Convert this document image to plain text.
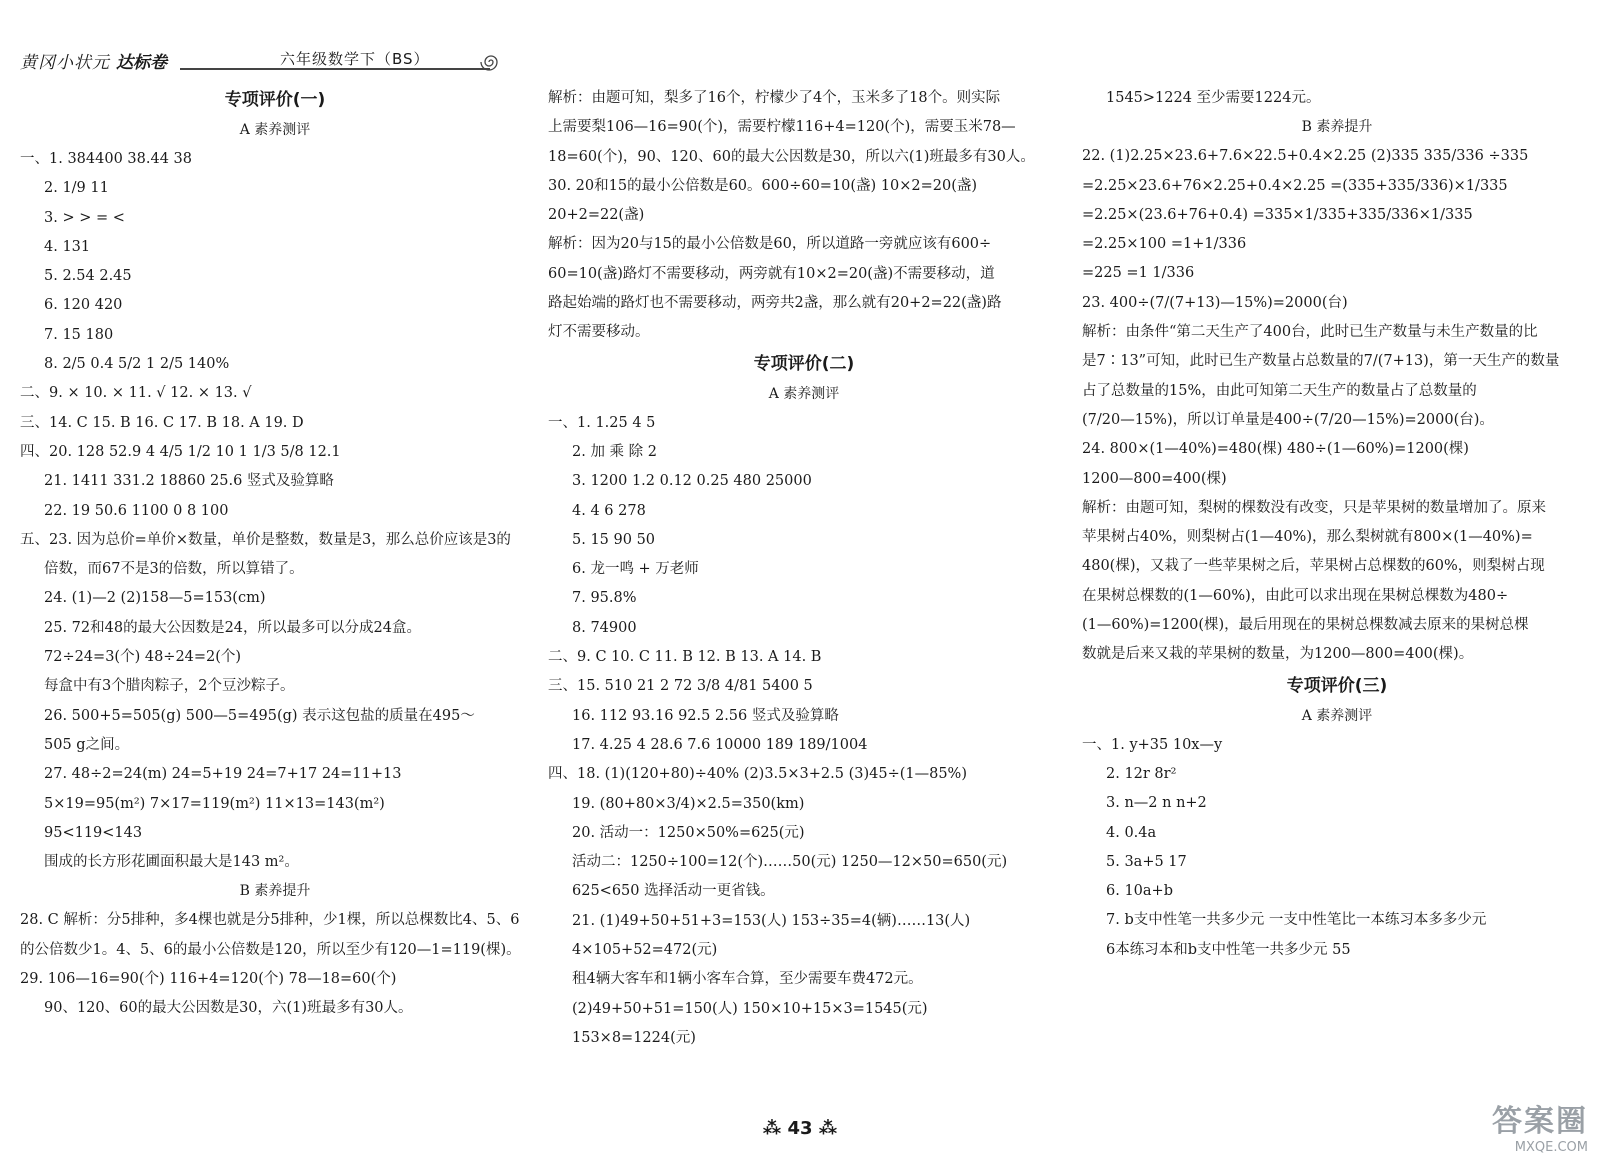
黄冈小状元 达标卷	六年级数学下（BS）
专项评价(一)
A 素养测评
一、1. 384400 38.44 38
2. 1/9 11
3. > > = <
4. 131
5. 2.54 2.45
6. 120 420
7. 15 180
8. 2/5 0.4 5/2 1 2/5 140%
二、9. × 10. × 11. √ 12. × 13. √
三、14. C 15. B 16. C 17. B 18. A 19. D
四、20. 128 52.9 4 4/5 1/2 10 1 1/3 5/8 12.1
21. 1411 331.2 18860 25.6 竖式及验算略
22. 19 50.6 1100 0 8 100
五、23. 因为总价=单价×数量，单价是整数，数量是3，那么总价应该是3的
倍数，而67不是3的倍数，所以算错了。
24. (1)—2 (2)158—5=153(cm)
25. 72和48的最大公因数是24，所以最多可以分成24盒。
72÷24=3(个) 48÷24=2(个)
每盒中有3个腊肉粽子，2个豆沙粽子。
26. 500+5=505(g) 500—5=495(g) 表示这包盐的质量在495～
505 g之间。
27. 48÷2=24(m) 24=5+19 24=7+17 24=11+13
5×19=95(m²) 7×17=119(m²) 11×13=143(m²)
95<119<143
围成的长方形花圃面积最大是143 m²。
B 素养提升
28. C 解析：分5排种，多4棵也就是分5排种，少1棵，所以总棵数比4、5、6
的公倍数少1。4、5、6的最小公倍数是120，所以至少有120—1=119(棵)。
29. 106—16=90(个) 116+4=120(个) 78—18=60(个)
90、120、60的最大公因数是30，六(1)班最多有30人。
解析：由题可知，梨多了16个，柠檬少了4个，玉米多了18个。则实际
上需要梨106—16=90(个)，需要柠檬116+4=120(个)，需要玉米78—
18=60(个)，90、120、60的最大公因数是30，所以六(1)班最多有30人。
30. 20和15的最小公倍数是60。600÷60=10(盏) 10×2=20(盏)
20+2=22(盏)
解析：因为20与15的最小公倍数是60，所以道路一旁就应该有600÷
60=10(盏)路灯不需要移动，两旁就有10×2=20(盏)不需要移动，道
路起始端的路灯也不需要移动，两旁共2盏，那么就有20+2=22(盏)路
灯不需要移动。
专项评价(二)
A 素养测评
一、1. 1.25 4 5
2. 加 乘 除 2
3. 1200 1.2 0.12 0.25 480 25000
4. 4 6 278
5. 15 90 50
6. 龙一鸣 + 万老师
7. 95.8%
8. 74900
二、9. C 10. C 11. B 12. B 13. A 14. B
三、15. 510 21 2 72 3/8 4/81 5400 5
16. 112 93.16 92.5 2.56 竖式及验算略
17. 4.25 4 28.6 7.6 10000 189 189/1004
四、18. (1)(120+80)÷40% (2)3.5×3+2.5 (3)45÷(1—85%)
19. (80+80×3/4)×2.5=350(km)
20. 活动一：1250×50%=625(元)
活动二：1250÷100=12(个)……50(元) 1250—12×50=650(元)
625<650 选择活动一更省钱。
21. (1)49+50+51+3=153(人) 153÷35=4(辆)……13(人)
4×105+52=472(元)
租4辆大客车和1辆小客车合算，至少需要车费472元。
(2)49+50+51=150(人) 150×10+15×3=1545(元)
153×8=1224(元)
1545>1224 至少需要1224元。
B 素养提升
22. (1)2.25×23.6+7.6×22.5+0.4×2.25 (2)335 335/336 ÷335
=2.25×23.6+76×2.25+0.4×2.25 =(335+335/336)×1/335
=2.25×(23.6+76+0.4) =335×1/335+335/336×1/335
=2.25×100 =1+1/336
=225 =1 1/336
23. 400÷(7/(7+13)—15%)=2000(台)
解析：由条件“第二天生产了400台，此时已生产数量与未生产数量的比
是7∶13”可知，此时已生产数量占总数量的7/(7+13)，第一天生产的数量
占了总数量的15%，由此可知第二天生产的数量占了总数量的
(7/20—15%)，所以订单量是400÷(7/20—15%)=2000(台)。
24. 800×(1—40%)=480(棵) 480÷(1—60%)=1200(棵)
1200—800=400(棵)
解析：由题可知，梨树的棵数没有改变，只是苹果树的数量增加了。原来
苹果树占40%，则梨树占(1—40%)，那么梨树就有800×(1—40%)=
480(棵)，又栽了一些苹果树之后，苹果树占总棵数的60%，则梨树占现
在果树总棵数的(1—60%)，由此可以求出现在果树总棵数为480÷
(1—60%)=1200(棵)，最后用现在的果树总棵数减去原来的果树总棵
数就是后来又栽的苹果树的数量，为1200—800=400(棵)。
专项评价(三)
A 素养测评
一、1. y+35 10x—y
2. 12r 8r²
3. n—2 n n+2
4. 0.4a
5. 3a+5 17
6. 10a+b
7. b支中性笔一共多少元 一支中性笔比一本练习本多多少元
6本练习本和b支中性笔一共多少元 55
⁂ 43 ⁂	答案圈
MXQE.COM
